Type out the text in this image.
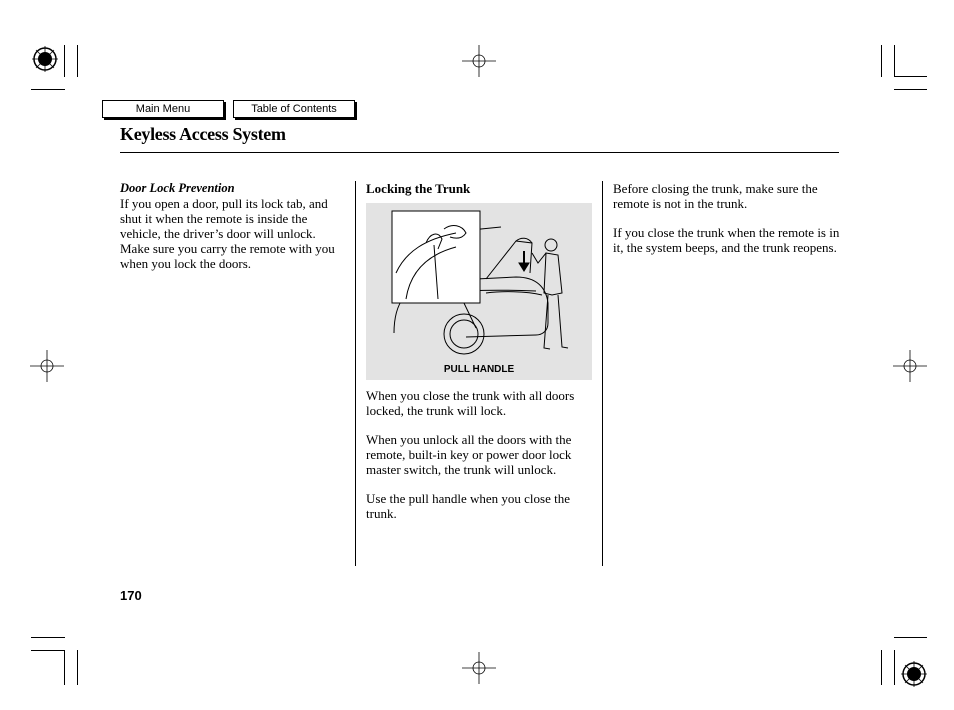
Main Menu	Table of Contents
Keyless Access System
Door Lock Prevention

If you open a door, pull its lock tab, and shut it when the remote is inside the vehicle, the driver’s door will unlock. Make sure you carry the remote with you when you lock the doors.

Locking the Trunk
PULL HANDLE

When you close the trunk with all doors locked, the trunk will lock.

When you unlock all the doors with the remote, built-in key or power door lock master switch, the trunk will unlock.

Use the pull handle when you close the trunk.

Before closing the trunk, make sure the remote is not in the trunk.

If you close the trunk when the remote is in it, the system beeps, and the trunk reopens.

170
